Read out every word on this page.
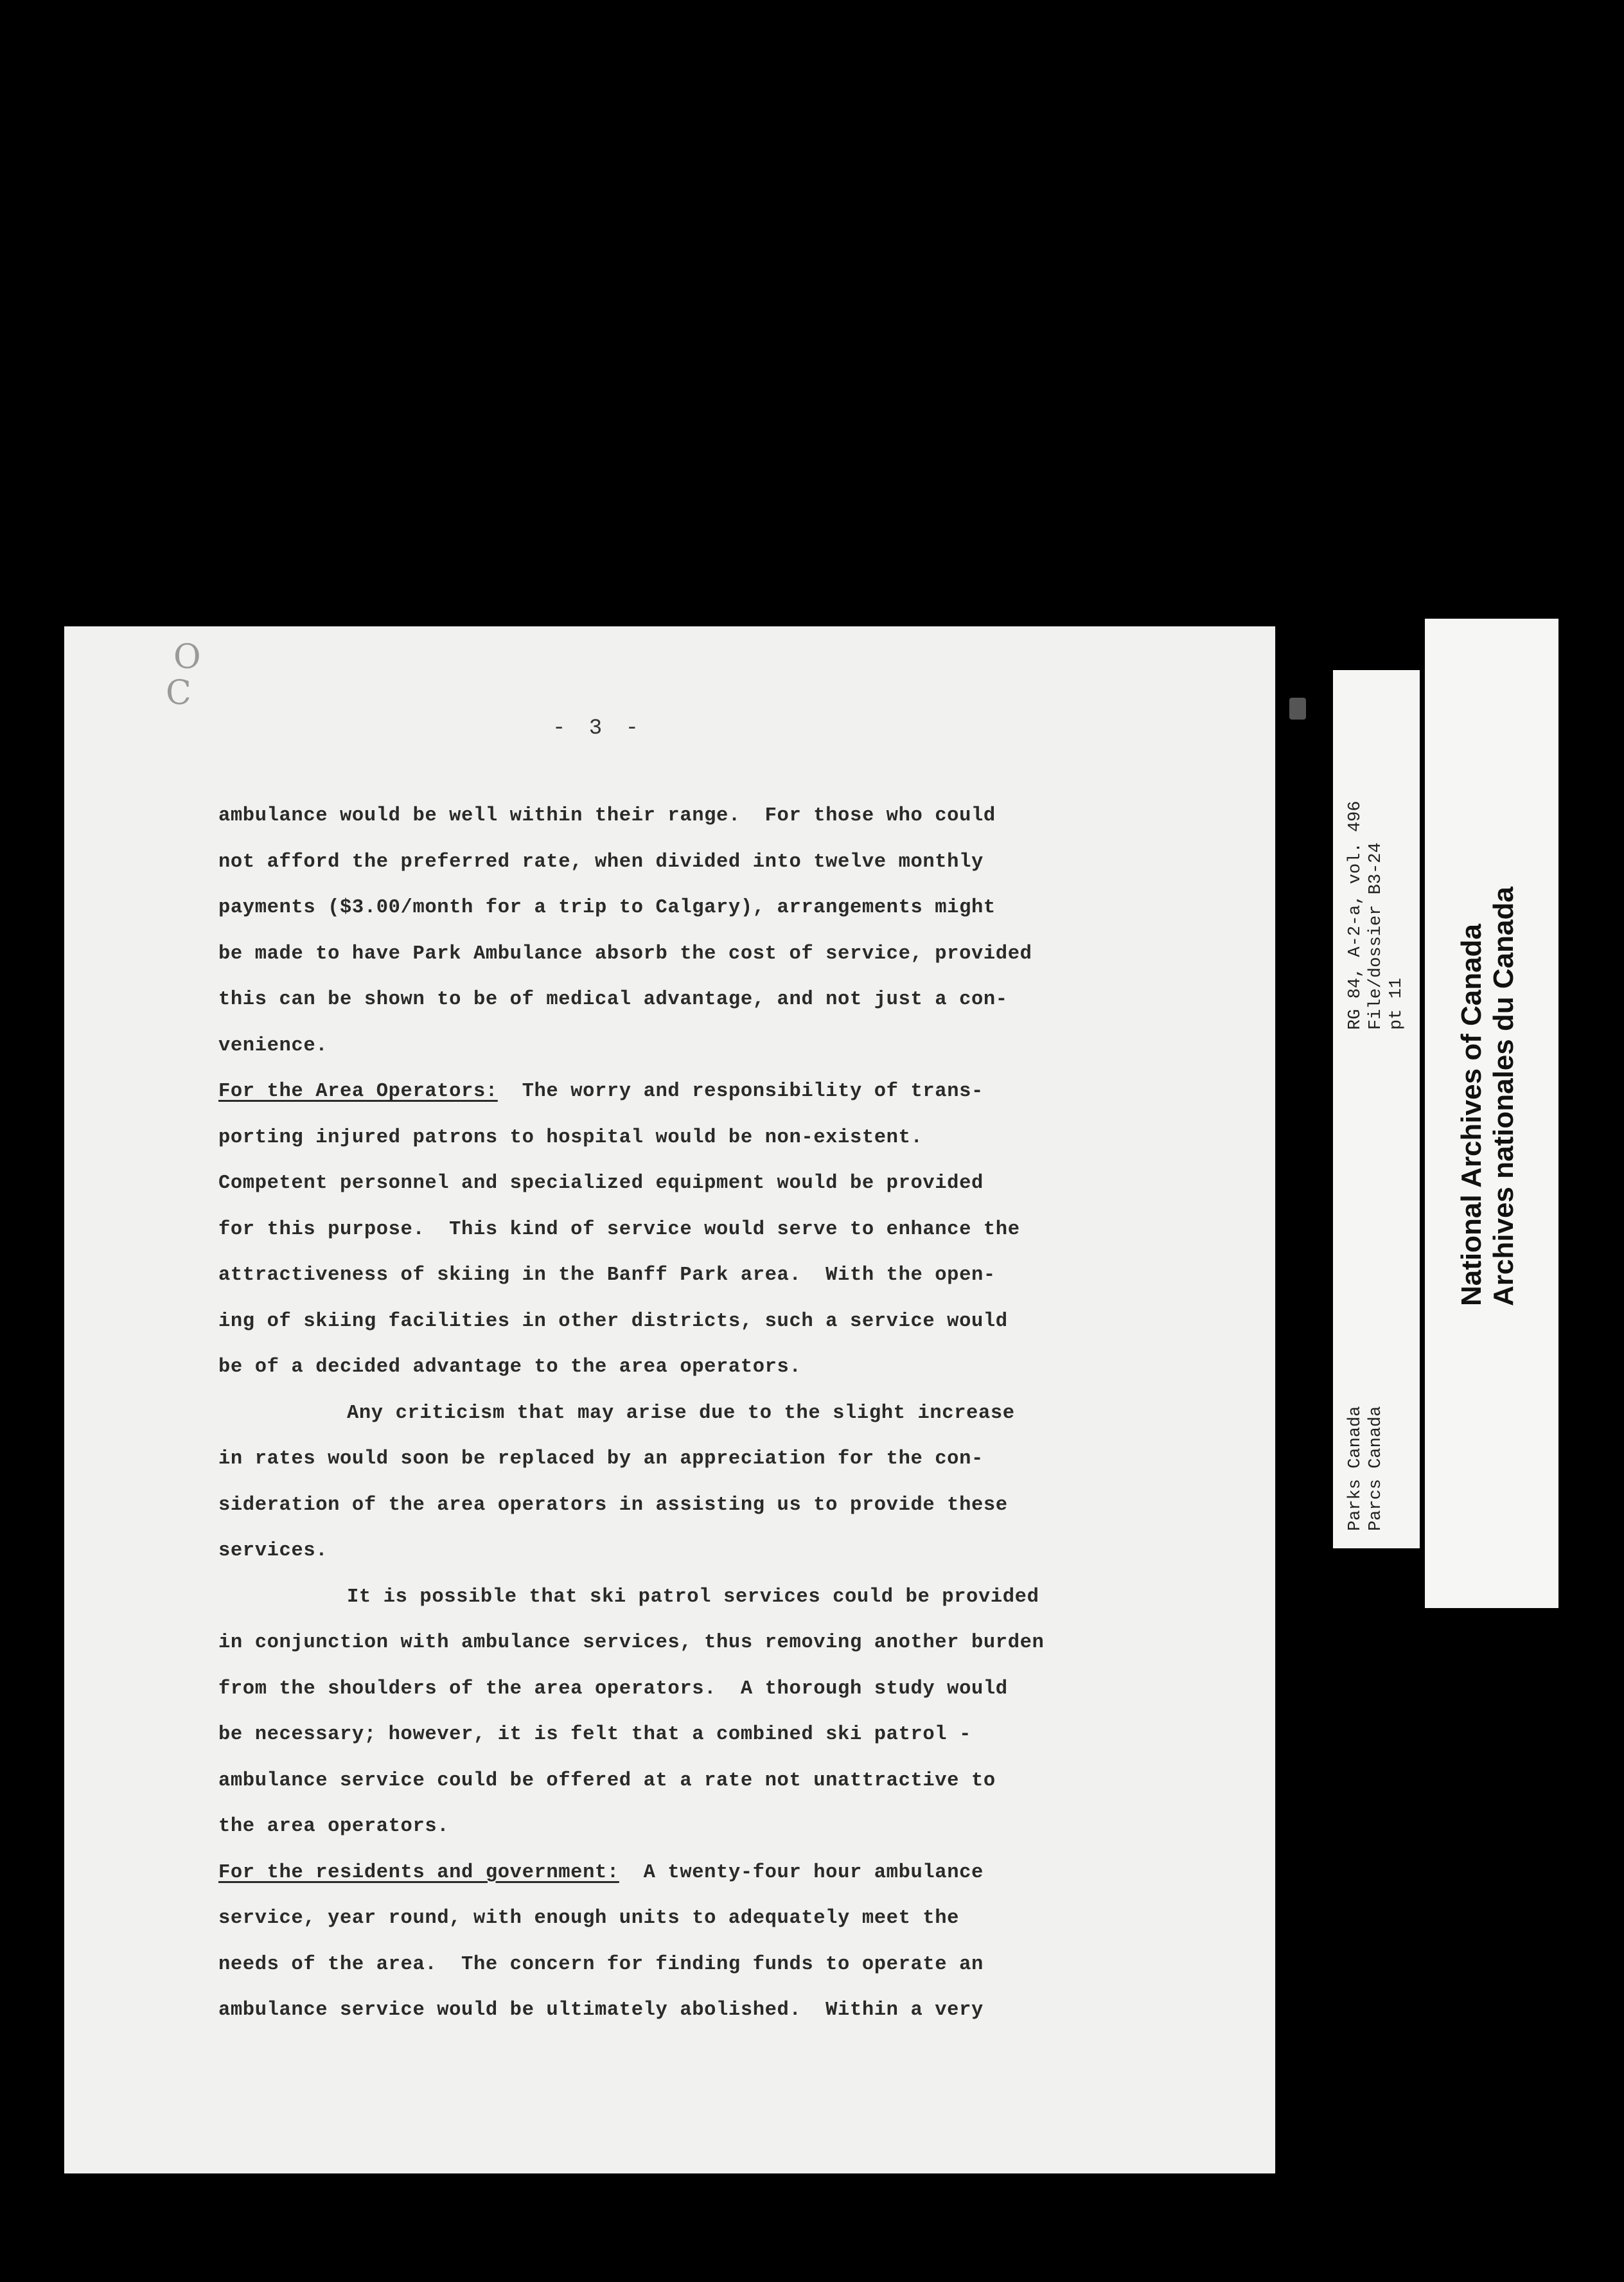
O
C
- 3 -
ambulance would be well within their range.  For those who could
not afford the preferred rate, when divided into twelve monthly
payments ($3.00/month for a trip to Calgary), arrangements might
be made to have Park Ambulance absorb the cost of service, provided
this can be shown to be of medical advantage, and not just a con-
venience.
For the Area Operators:  The worry and responsibility of trans-
porting injured patrons to hospital would be non-existent.
Competent personnel and specialized equipment would be provided
for this purpose.  This kind of service would serve to enhance the
attractiveness of skiing in the Banff Park area.  With the open-
ing of skiing facilities in other districts, such a service would
be of a decided advantage to the area operators.
Any criticism that may arise due to the slight increase
in rates would soon be replaced by an appreciation for the con-
sideration of the area operators in assisting us to provide these
services.
It is possible that ski patrol services could be provided
in conjunction with ambulance services, thus removing another burden
from the shoulders of the area operators.  A thorough study would
be necessary; however, it is felt that a combined ski patrol -
ambulance service could be offered at a rate not unattractive to
the area operators.
For the residents and government:  A twenty-four hour ambulance
service, year round, with enough units to adequately meet the
needs of the area.  The concern for finding funds to operate an
ambulance service would be ultimately abolished.  Within a very
RG 84, A-2-a, vol. 496 File/dossier B3-24 pt 11
Parks Canada Parcs Canada
National Archives of Canada Archives nationales du Canada
